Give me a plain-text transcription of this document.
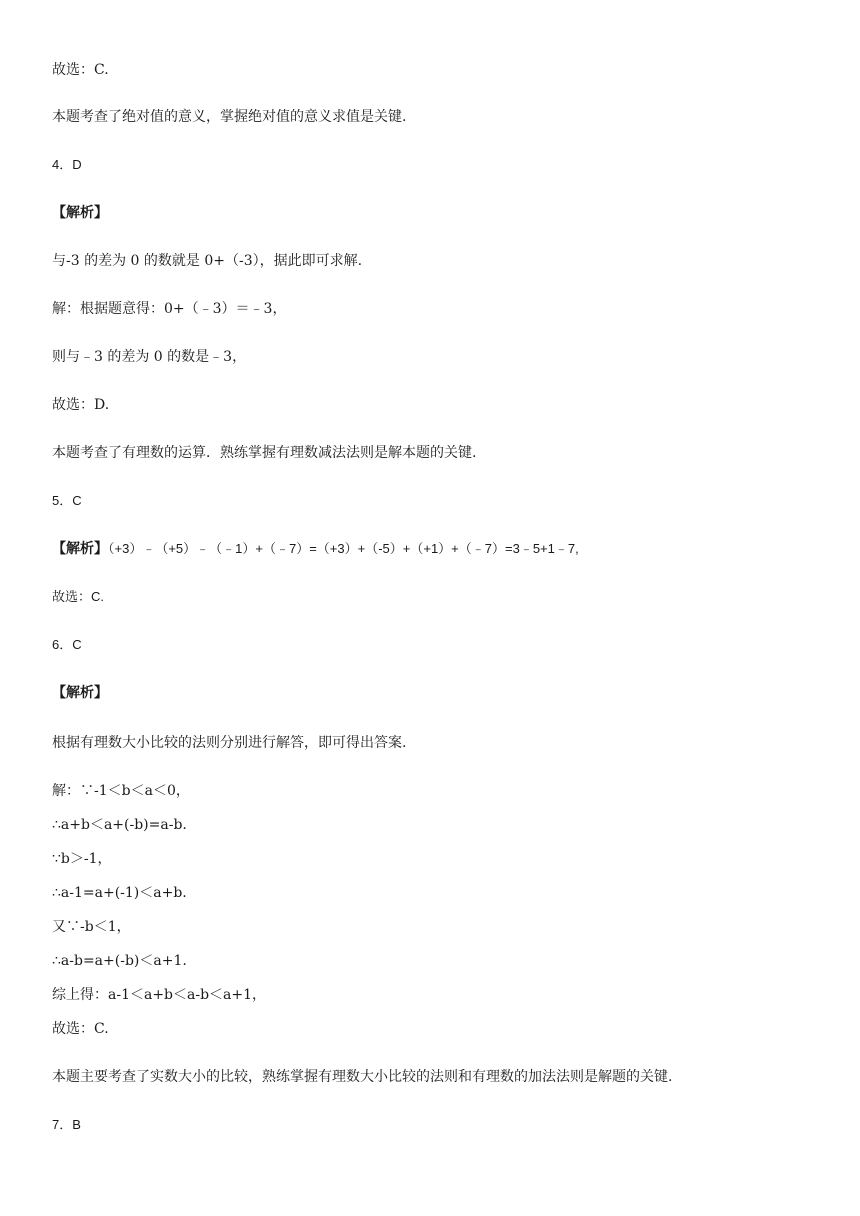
故选：C.
本题考查了绝对值的意义，掌握绝对值的意义求值是关键.
4．D
【解析】
与-3 的差为 0 的数就是 0+（-3），据此即可求解.
解：根据题意得：0+（﹣3）＝﹣3，
则与﹣3 的差为 0 的数是﹣3，
故选：D.
本题考查了有理数的运算．熟练掌握有理数减法法则是解本题的关键.
5．C
【解析】（+3）﹣（+5）﹣（﹣1）+（﹣7）=（+3）+（-5）+（+1）+（﹣7）=3﹣5+1﹣7,
故选：C.
6．C
【解析】
根据有理数大小比较的法则分别进行解答，即可得出答案.
解：∵-1＜b＜a＜0，
∴a+b＜a+(-b)=a-b.
∵b＞-1，
∴a-1=a+(-1)＜a+b.
又∵-b＜1，
∴a-b=a+(-b)＜a+1.
综上得：a-1＜a+b＜a-b＜a+1，
故选：C.
本题主要考查了实数大小的比较，熟练掌握有理数大小比较的法则和有理数的加法法则是解题的关键.
7．B
